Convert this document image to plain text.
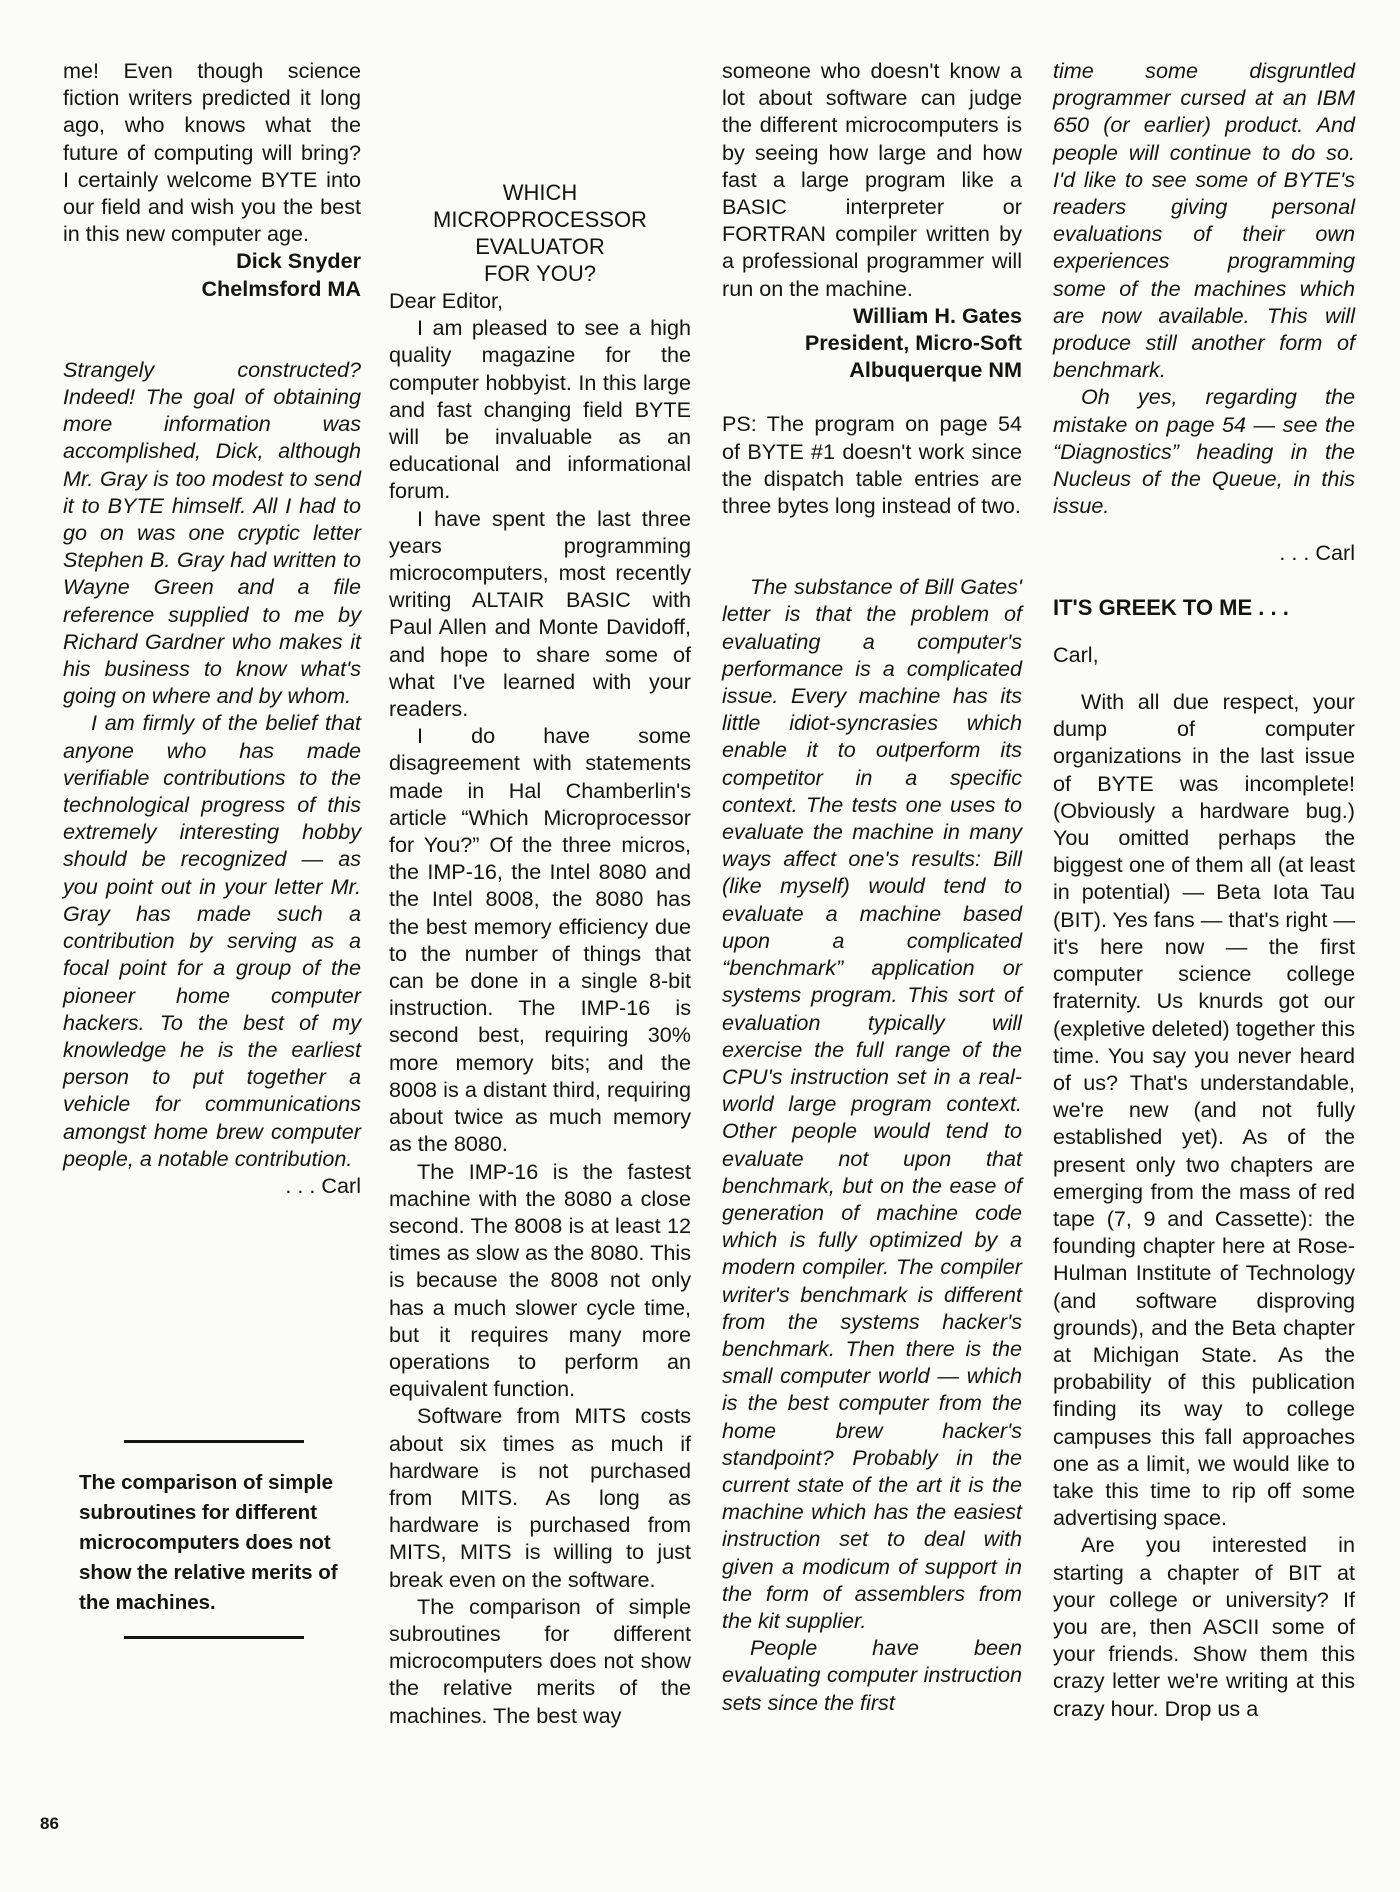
me! Even though science fiction writers predicted it long ago, who knows what the future of computing will bring? I certainly welcome BYTE into our field and wish you the best in this new computer age.

Dick Snyder
Chelmsford MA

Strangely constructed? Indeed! The goal of obtaining more information was accomplished, Dick, although Mr. Gray is too modest to send it to BYTE himself. All I had to go on was one cryptic letter Stephen B. Gray had written to Wayne Green and a file reference supplied to me by Richard Gardner who makes it his business to know what's going on where and by whom.

I am firmly of the belief that anyone who has made verifiable contributions to the technological progress of this extremely interesting hobby should be recognized — as you point out in your letter Mr. Gray has made such a contribution by serving as a focal point for a group of the pioneer home computer hackers. To the best of my knowledge he is the earliest person to put together a vehicle for communications amongst home brew computer people, a notable contribution.

. . . Carl

The comparison of simple subroutines for different microcomputers does not show the relative merits of the machines.
WHICH
MICROPROCESSOR
EVALUATOR
FOR YOU?

Dear Editor,

I am pleased to see a high quality magazine for the computer hobbyist. In this large and fast changing field BYTE will be invaluable as an educational and informational forum.

I have spent the last three years programming microcomputers, most recently writing ALTAIR BASIC with Paul Allen and Monte Davidoff, and hope to share some of what I've learned with your readers.

I do have some disagreement with statements made in Hal Chamberlin's article “Which Microprocessor for You?” Of the three micros, the IMP-16, the Intel 8080 and the Intel 8008, the 8080 has the best memory efficiency due to the number of things that can be done in a single 8-bit instruction. The IMP-16 is second best, requiring 30% more memory bits; and the 8008 is a distant third, requiring about twice as much memory as the 8080.

The IMP-16 is the fastest machine with the 8080 a close second. The 8008 is at least 12 times as slow as the 8080. This is because the 8008 not only has a much slower cycle time, but it requires many more operations to perform an equivalent function.

Software from MITS costs about six times as much if hardware is not purchased from MITS. As long as hardware is purchased from MITS, MITS is willing to just break even on the software.

The comparison of simple subroutines for different microcomputers does not show the relative merits of the machines. The best way

someone who doesn't know a lot about software can judge the different microcomputers is by seeing how large and how fast a large program like a BASIC interpreter or FORTRAN compiler written by a professional programmer will run on the machine.

William H. Gates
President, Micro-Soft
Albuquerque NM

PS: The program on page 54 of BYTE #1 doesn't work since the dispatch table entries are three bytes long instead of two.

The substance of Bill Gates' letter is that the problem of evaluating a computer's performance is a complicated issue. Every machine has its little idiot-syncrasies which enable it to outperform its competitor in a specific context. The tests one uses to evaluate the machine in many ways affect one's results: Bill (like myself) would tend to evaluate a machine based upon a complicated “benchmark” application or systems program. This sort of evaluation typically will exercise the full range of the CPU's instruction set in a real-world large program context. Other people would tend to evaluate not upon that benchmark, but on the ease of generation of machine code which is fully optimized by a modern compiler. The compiler writer's benchmark is different from the systems hacker's benchmark. Then there is the small computer world — which is the best computer from the home brew hacker's standpoint? Probably in the current state of the art it is the machine which has the easiest instruction set to deal with given a modicum of support in the form of assemblers from the kit supplier.

People have been evaluating computer instruction sets since the first

time some disgruntled programmer cursed at an IBM 650 (or earlier) product. And people will continue to do so. I'd like to see some of BYTE's readers giving personal evaluations of their own experiences programming some of the machines which are now available. This will produce still another form of benchmark.

Oh yes, regarding the mistake on page 54 — see the “Diagnostics” heading in the Nucleus of the Queue, in this issue.

. . . Carl

IT'S GREEK TO ME . . .

Carl,

With all due respect, your dump of computer organizations in the last issue of BYTE was incomplete! (Obviously a hardware bug.) You omitted perhaps the biggest one of them all (at least in potential) — Beta Iota Tau (BIT). Yes fans — that's right — it's here now — the first computer science college fraternity. Us knurds got our (expletive deleted) together this time. You say you never heard of us? That's understandable, we're new (and not fully established yet). As of the present only two chapters are emerging from the mass of red tape (7, 9 and Cassette): the founding chapter here at Rose-Hulman Institute of Technology (and software disproving grounds), and the Beta chapter at Michigan State. As the probability of this publication finding its way to college campuses this fall approaches one as a limit, we would like to take this time to rip off some advertising space.

Are you interested in starting a chapter of BIT at your college or university? If you are, then ASCII some of your friends. Show them this crazy letter we're writing at this crazy hour. Drop us a

86
